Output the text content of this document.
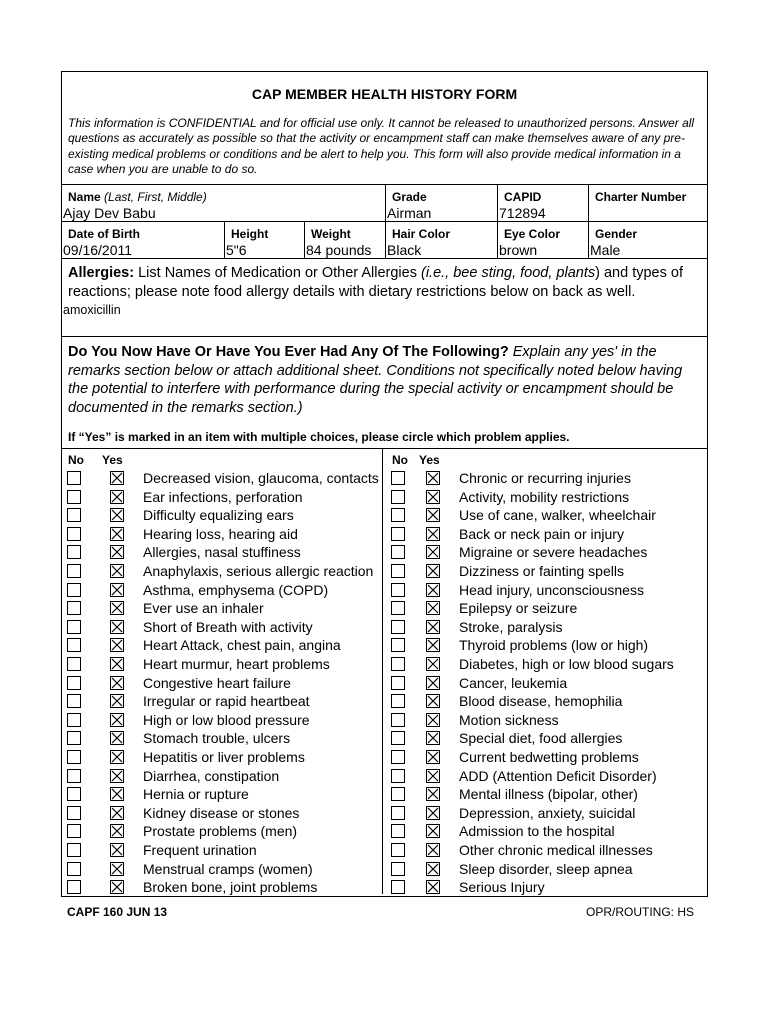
CAP MEMBER HEALTH HISTORY FORM
This information is CONFIDENTIAL and for official use only. It cannot be released to unauthorized persons. Answer all questions as accurately as possible so that the activity or encampment staff can make themselves aware of any pre-existing medical problems or conditions and be alert to help you. This form will also provide medical information in a case when you are unable to do so.
Name (Last, First, Middle)
Ajay Dev Babu
Grade
Airman
CAPID
712894
Charter Number
Date of Birth
09/16/2011
Height
5"6
Weight
84 pounds
Hair Color
Black
Eye Color
brown
Gender
Male
Allergies: List Names of Medication or Other Allergies (i.e., bee sting, food, plants) and types of reactions; please note food allergy details with dietary restrictions below on back as well.
amoxicillin
Do You Now Have Or Have You Ever Had Any Of The Following? Explain any yes' in the remarks section below or attach additional sheet. Conditions not specifically noted below having the potential to interfere with performance during the special activity or encampment should be documented in the remarks section.)
If “Yes” is marked in an item with multiple choices, please circle which problem applies.
No Yes
Decreased vision, glaucoma, contacts
Ear infections, perforation
Difficulty equalizing ears
Hearing loss, hearing aid
Allergies, nasal stuffiness
Anaphylaxis, serious allergic reaction
Asthma, emphysema (COPD)
Ever use an inhaler
Short of Breath with activity
Heart Attack, chest pain, angina
Heart murmur, heart problems
Congestive heart failure
Irregular or rapid heartbeat
High or low blood pressure
Stomach trouble, ulcers
Hepatitis or liver problems
Diarrhea, constipation
Hernia or rupture
Kidney disease or stones
Prostate problems (men)
Frequent urination
Menstrual cramps (women)
Broken bone, joint problems
No Yes
Chronic or recurring injuries
Activity, mobility restrictions
Use of cane, walker, wheelchair
Back or neck pain or injury
Migraine or severe headaches
Dizziness or fainting spells
Head injury, unconsciousness
Epilepsy or seizure
Stroke, paralysis
Thyroid problems (low or high)
Diabetes, high or low blood sugars
Cancer, leukemia
Blood disease, hemophilia
Motion sickness
Special diet, food allergies
Current bedwetting problems
ADD (Attention Deficit Disorder)
Mental illness (bipolar, other)
Depression, anxiety, suicidal
Admission to the hospital
Other chronic medical illnesses
Sleep disorder, sleep apnea
Serious Injury
CAPF 160 JUN 13	OPR/ROUTING: HS
